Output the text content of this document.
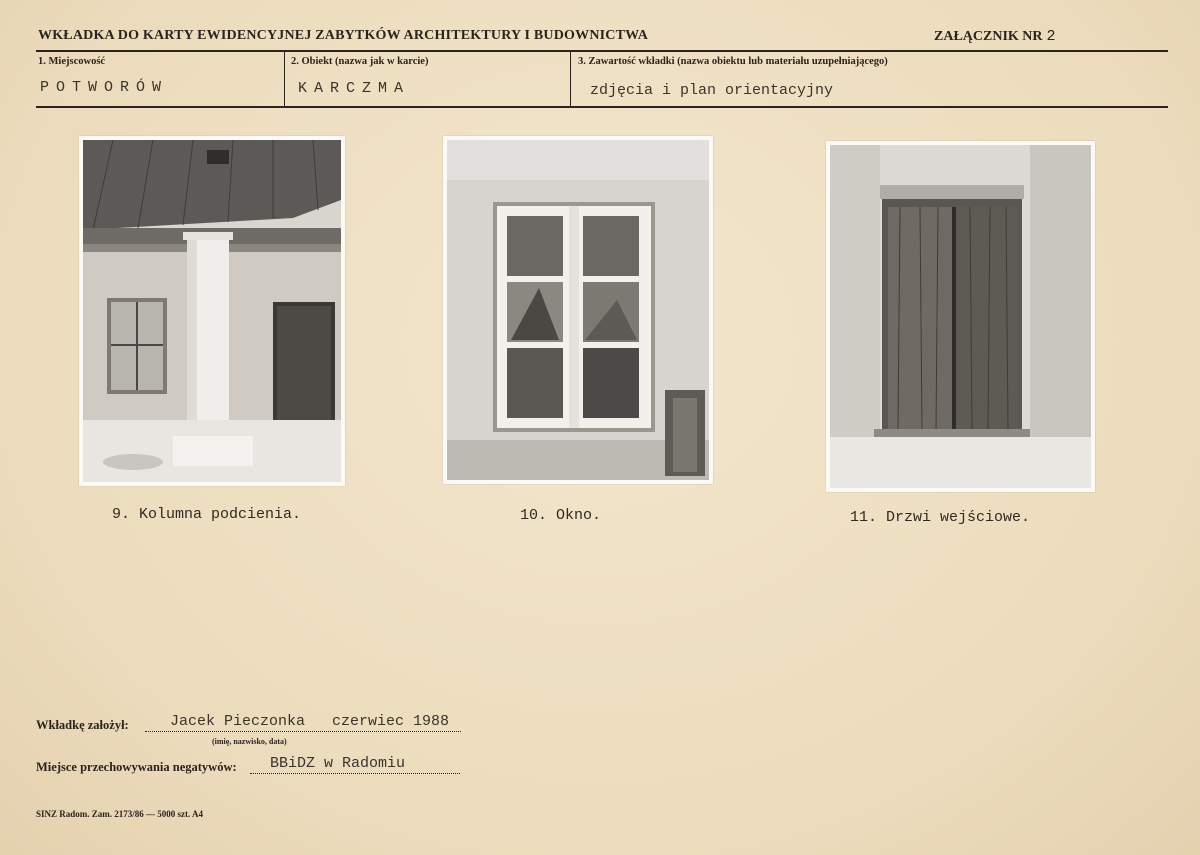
WKŁADKA DO KARTY EWIDENCYJNEJ ZABYTKÓW ARCHITEKTURY I BUDOWNICTWA	ZAŁĄCZNIK NR 2
1. Miejscowość
POTWORÓW
2. Obiekt (nazwa jak w karcie)
KARCZMA
3. Zawartość wkładki (nazwa obiektu lub materiału uzupełniającego)
zdjęcia i plan orientacyjny
9. Kolumna podcienia.	10. Okno.	11. Drzwi wejściowe.
Wkładkę założył:	Jacek Pieczonka   czerwiec 1988
(imię, nazwisko, data)
Miejsce przechowywania negatywów: BBiDZ w Radomiu
SINZ Radom. Zam. 2173/86 — 5000 szt. A4
